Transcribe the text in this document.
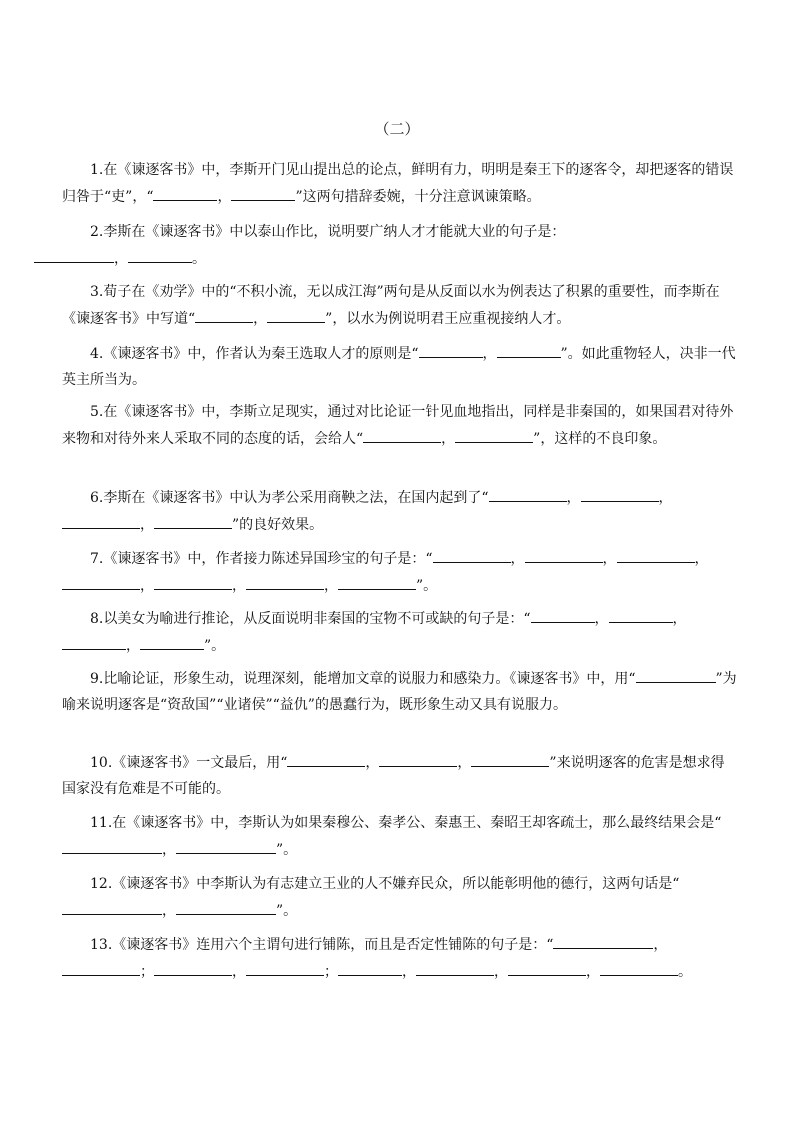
（二）

1.在《谏逐客书》中，李斯开门见山提出总的论点，鲜明有力，明明是秦王下的逐客令，却把逐客的错误归咎于“吏”，“	，	”这两句措辞委婉，十分注意讽谏策略。

2.李斯在《谏逐客书》中以泰山作比，说明要广纳人才才能就大业的句子是：
，	。

3.荀子在《劝学》中的“不积小流，无以成江海”两句是从反面以水为例表达了积累的重要性，而李斯在《谏逐客书》中写道“	，	”，以水为例说明君王应重视接纳人才。

4.《谏逐客书》中，作者认为秦王选取人才的原则是“	，	”。如此重物轻人，决非一代英主所当为。

5.在《谏逐客书》中，李斯立足现实，通过对比论证一针见血地指出，同样是非秦国的，如果国君对待外来物和对待外来人采取不同的态度的话，会给人“	，	”，这样的不良印象。

6.李斯在《谏逐客书》中认为孝公采用商鞅之法，在国内起到了“	，	，，	”的良好效果。

7.《谏逐客书》中，作者接力陈述异国珍宝的句子是：“	，	，	，，	，	，	”。

8.以美女为喻进行推论，从反面说明非秦国的宝物不可或缺的句子是：“	，	，，	”。

9.比喻论证，形象生动，说理深刻，能增加文章的说服力和感染力。《谏逐客书》中，用“	”为喻来说明逐客是“资敌国”“业诸侯”“益仇”的愚蠢行为，既形象生动又具有说服力。

10.《谏逐客书》一文最后，用“	，	，	”来说明逐客的危害是想求得国家没有危难是不可能的。

11.在《谏逐客书》中，李斯认为如果秦穆公、秦孝公、秦惠王、秦昭王却客疏士，那么最终结果会是“，	”。

12.《谏逐客书》中李斯认为有志建立王业的人不嫌弃民众，所以能彰明他的德行，这两句话是“，	”。

13.《谏逐客书》连用六个主谓句进行铺陈，而且是否定性铺陈的句子是：“	，；	，	；	，	，	，	。
